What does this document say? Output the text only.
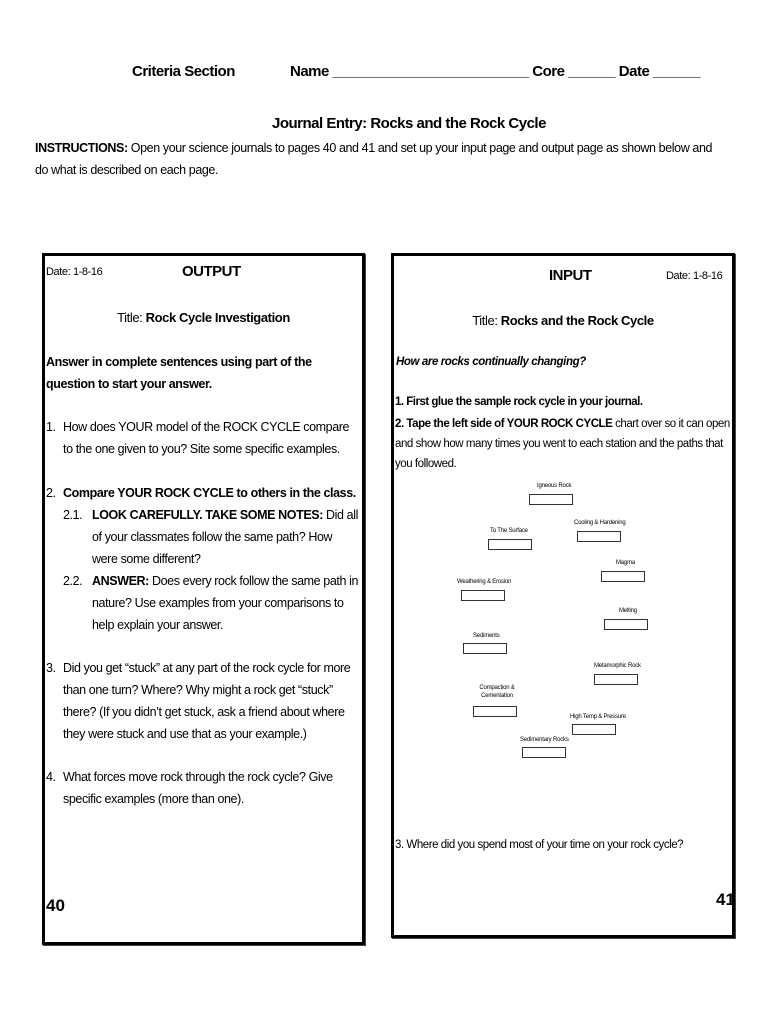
Criteria Section	Name _________________________ Core ______ Date ______
Journal Entry: Rocks and the Rock Cycle
INSTRUCTIONS: Open your science journals to pages 40 and 41 and set up your input page and output page as shown below and do what is described on each page.
Date: 1-8-16	OUTPUT
Title: Rock Cycle Investigation
Answer in complete sentences using part of the question to start your answer.
1. How does YOUR model of the ROCK CYCLE compare to the one given to you? Site some specific examples.
2. Compare YOUR ROCK CYCLE to others in the class.
2.1. LOOK CAREFULLY. TAKE SOME NOTES: Did all of your classmates follow the same path? How were some different?
2.2. ANSWER: Does every rock follow the same path in nature? Use examples from your comparisons to help explain your answer.
3. Did you get “stuck” at any part of the rock cycle for more than one turn? Where? Why might a rock get “stuck” there? (If you didn’t get stuck, ask a friend about where they were stuck and use that as your example.)
4. What forces move rock through the rock cycle? Give specific examples (more than one).
40
INPUT	Date: 1-8-16
Title: Rocks and the Rock Cycle
How are rocks continually changing?
1. First glue the sample rock cycle in your journal.
2. Tape the left side of YOUR ROCK CYCLE chart over so it can open and show how many times you went to each station and the paths that you followed.
Igneous Rock
To The Surface
Cooling & Hardening
Magma
Weathering & Erosion
Melting
Sediments
Metamorphic Rock
Compaction & Cementation
High Temp & Pressure
Sedimentary Rocks
3. Where did you spend most of your time on your rock cycle?
41
